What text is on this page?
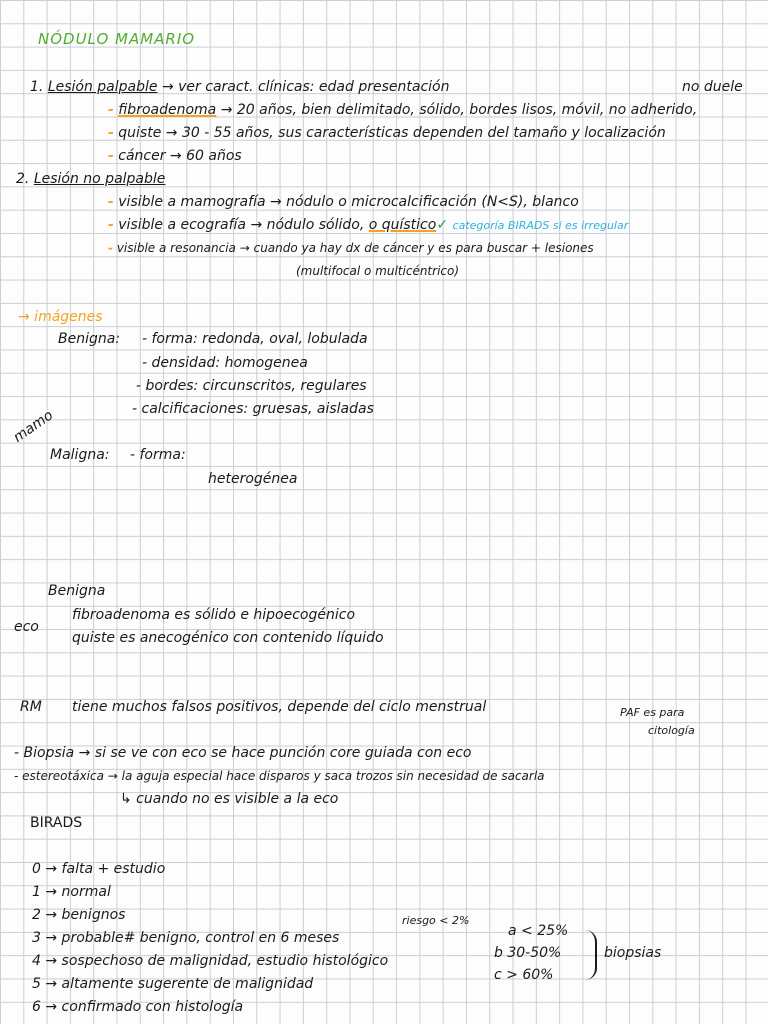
NÓDULO MAMARIO
1. Lesión palpable → ver caract. clínicas: edad presentación	no duele
- fibroadenoma → 20 años, bien delimitado, sólido, bordes lisos, móvil, no adherido,
- quiste → 30 - 55 años, sus características dependen del tamaño y localización
- cáncer → 60 años
2. Lesión no palpable
- visible a mamografía → nódulo o microcalcificación (N<S), blanco
- visible a ecografía → nódulo sólido, o quístico✓ categoría BIRADS si es irregular
- visible a resonancia → cuando ya hay dx de cáncer y es para buscar + lesiones
(multifocal o multicéntrico)
→ imágenes
mamo
Benigna: - forma: redonda, oval, lobulada
- densidad: homogenea
- bordes: circunscritos, regulares
- calcificaciones: gruesas, aisladas
Maligna: - forma:
heterogénea
Benigna
eco
fibroadenoma es sólido e hipoecogénico
quiste es anecogénico con contenido líquido
RM tiene muchos falsos positivos, depende del ciclo menstrual	PAF es para
citología
- Biopsia → si se ve con eco se hace punción core guiada con eco
- estereotáxica → la aguja especial hace disparos y saca trozos sin necesidad de sacarla
↳ cuando no es visible a la eco
BIRADS
0 → falta + estudio
1 → normal
2 → benignos
3 → probable# benigno, control en 6 meses
4 → sospechoso de malignidad, estudio histológico
5 → altamente sugerente de malignidad
6 → confirmado con histología
riesgo < 2%
a < 25%
b 30-50%
c > 60%
biopsias
